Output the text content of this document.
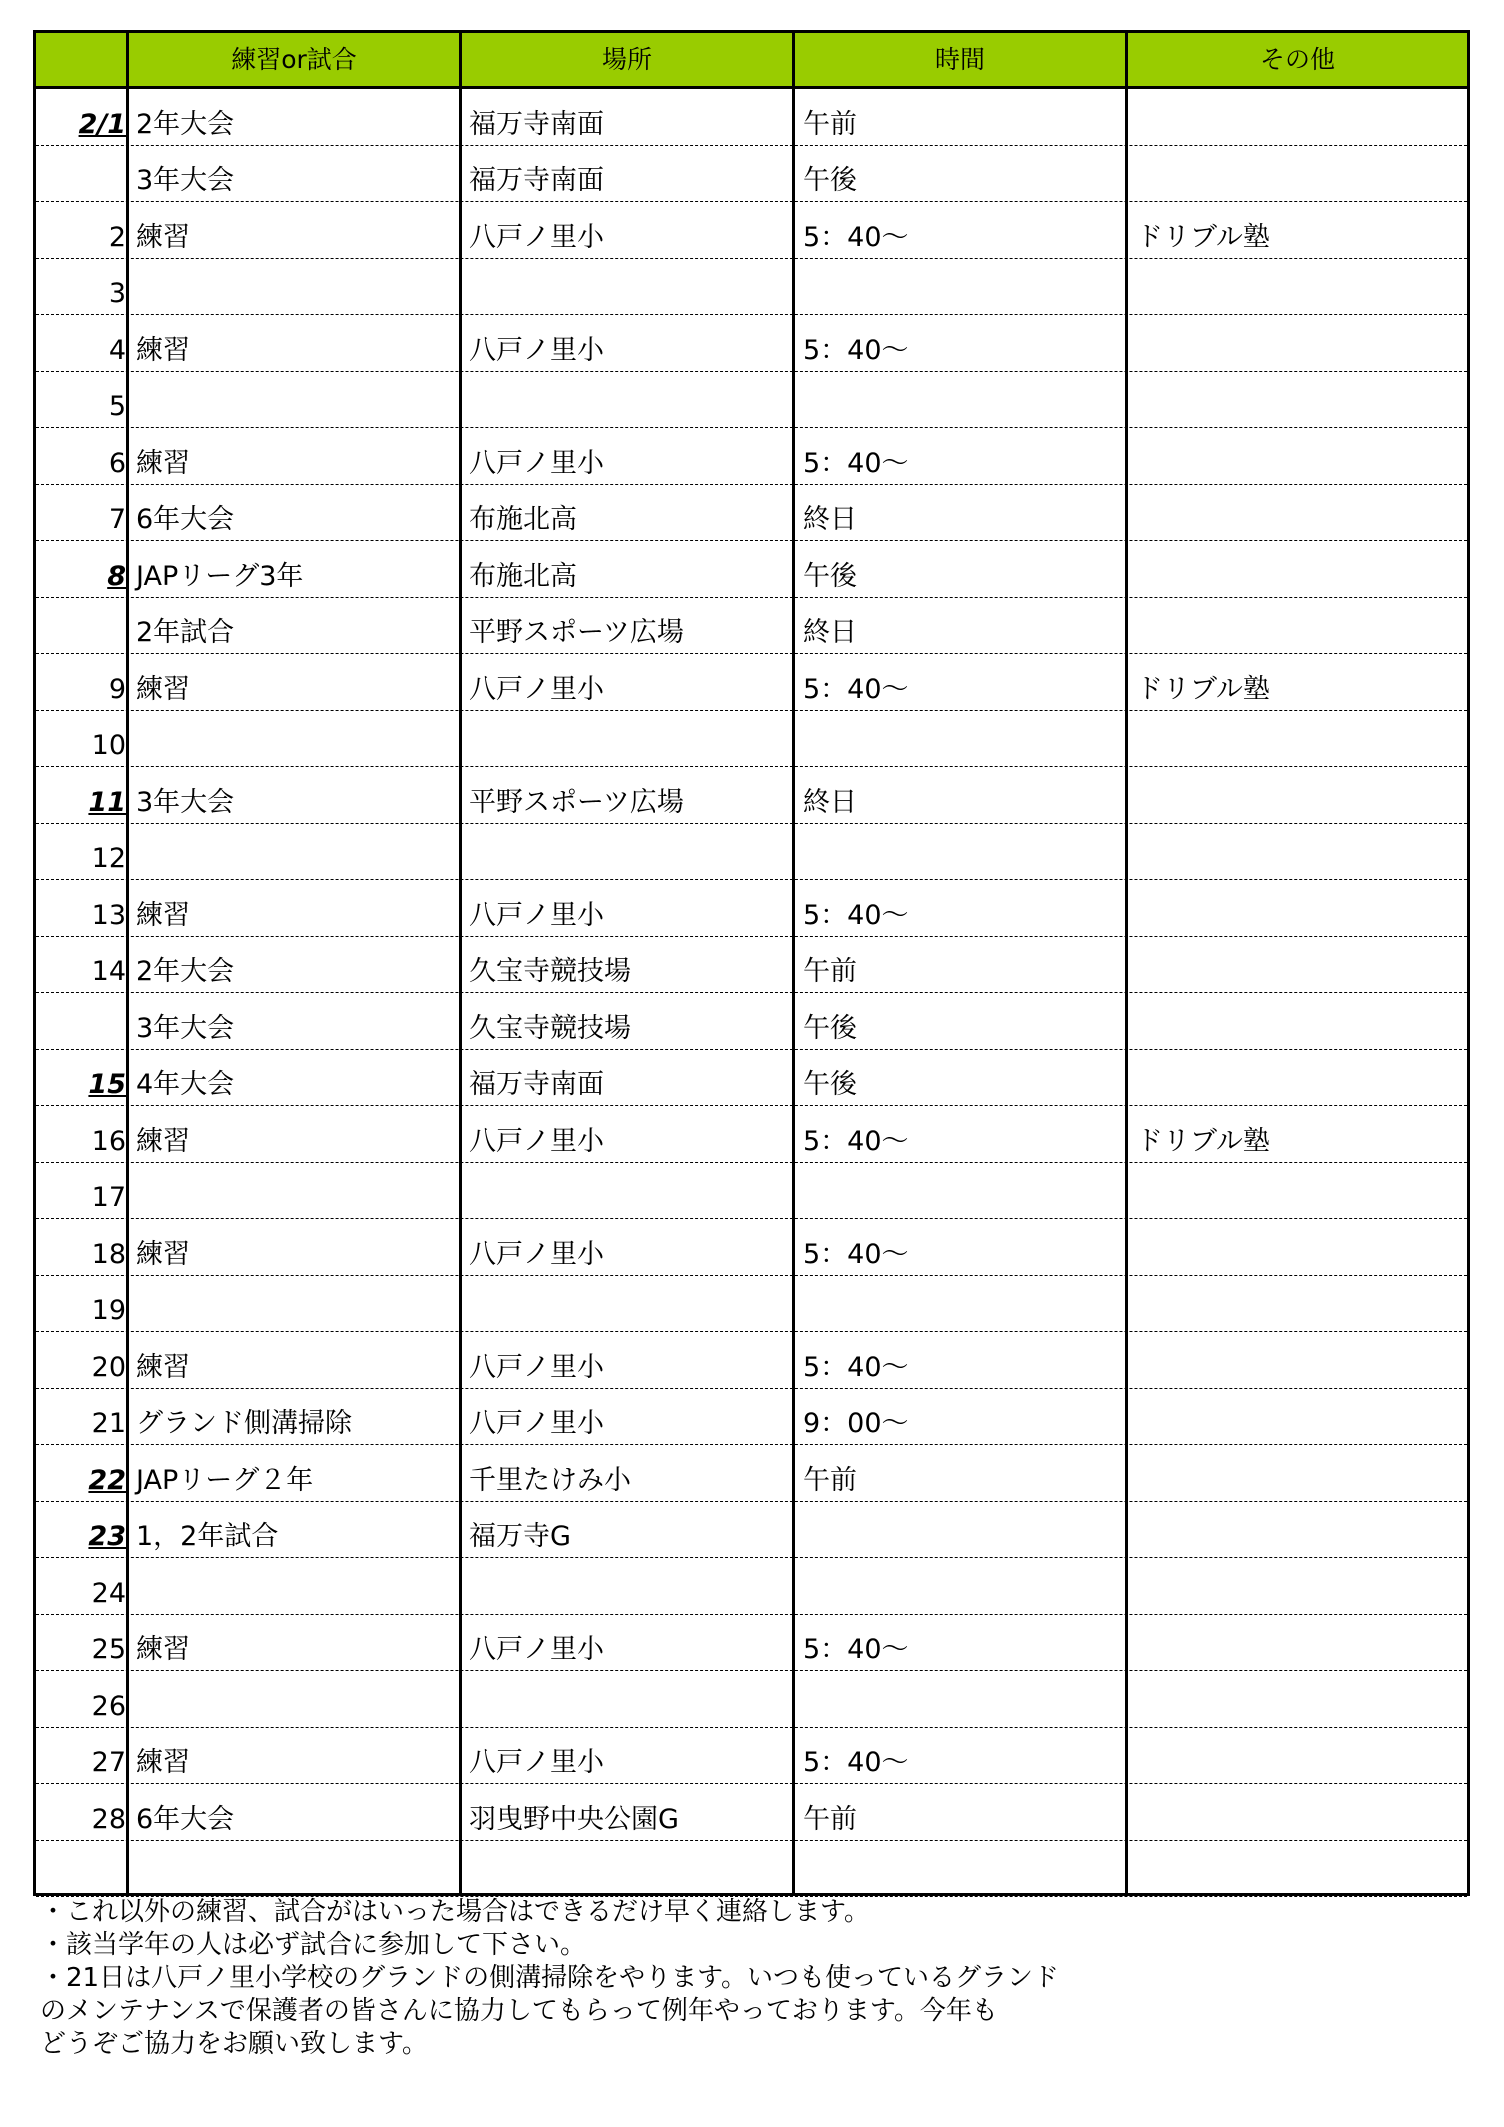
練習or試合	場所	時間	その他
2/1 2年大会	福万寺南面	午前
3年大会	福万寺南面	午後
2 練習	八戸ノ里小	5：40～	ドリブル塾
3
4 練習	八戸ノ里小	5：40～
5
6 練習	八戸ノ里小	5：40～
7 6年大会	布施北高	終日
8 JAPリーグ3年	布施北高	午後
2年試合	平野スポーツ広場	終日
9 練習	八戸ノ里小	5：40～	ドリブル塾
10
11 3年大会	平野スポーツ広場	終日
12
13 練習	八戸ノ里小	5：40～
14 2年大会	久宝寺競技場	午前
3年大会	久宝寺競技場	午後
15 4年大会	福万寺南面	午後
16 練習	八戸ノ里小	5：40～	ドリブル塾
17
18 練習	八戸ノ里小	5：40～
19
20 練習	八戸ノ里小	5：40～
21 グランド側溝掃除	八戸ノ里小	9：00～
22 JAPリーグ２年	千里たけみ小	午前
23 1，2年試合	福万寺G
24
25 練習	八戸ノ里小	5：40～
26
27 練習	八戸ノ里小	5：40～
28 6年大会	羽曳野中央公園G	午前
・これ以外の練習、試合がはいった場合はできるだけ早く連絡します。
・該当学年の人は必ず試合に参加して下さい。
・21日は八戸ノ里小学校のグランドの側溝掃除をやります。いつも使っているグランド
のメンテナンスで保護者の皆さんに協力してもらって例年やっております。今年も
どうぞご協力をお願い致します。
